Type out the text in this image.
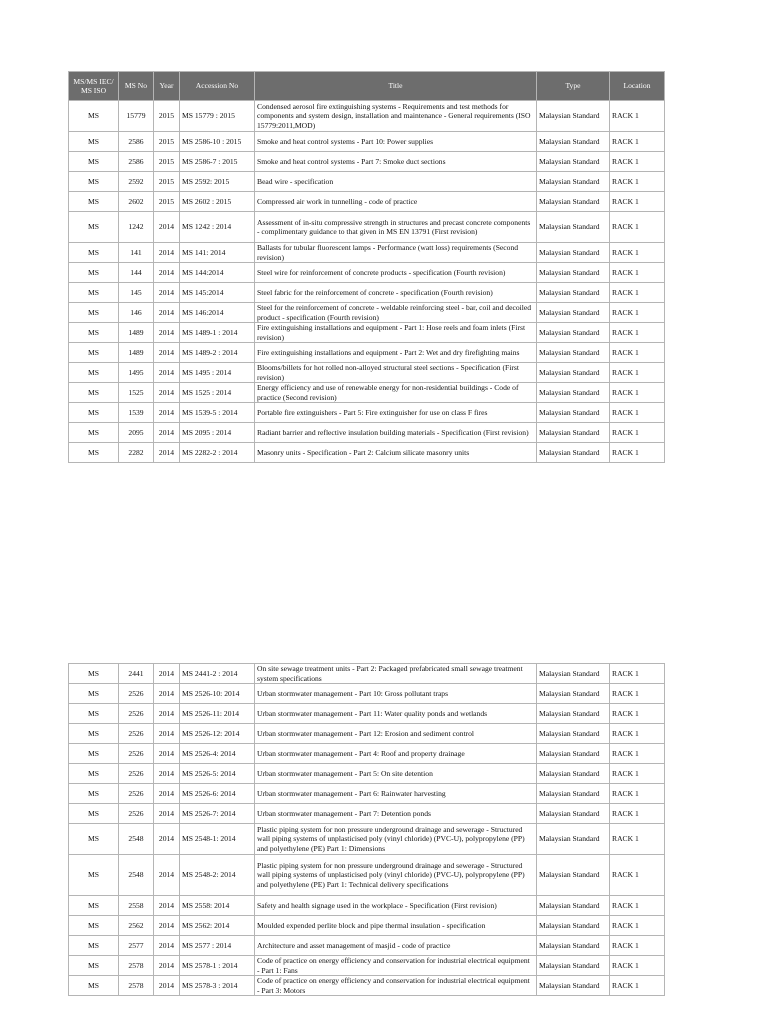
MS/MS IEC/ MS ISO	MS No	Year	Accession No	Title	Type	Location
MS	15779	2015	MS 15779 : 2015	Condensed aerosol fire extinguishing systems - Requirements and test methods for components and system design, installation and maintenance - General requirements (ISO 15779:2011,MOD)	Malaysian Standard	RACK 1
MS	2586	2015	MS 2586-10 : 2015	Smoke and heat control systems - Part 10: Power supplies	Malaysian Standard	RACK 1
MS	2586	2015	MS 2586-7 : 2015	Smoke and heat control systems - Part 7: Smoke duct sections	Malaysian Standard	RACK 1
MS	2592	2015	MS 2592: 2015	Bead wire - specification	Malaysian Standard	RACK 1
MS	2602	2015	MS 2602 : 2015	Compressed air work in tunnelling - code of practice	Malaysian Standard	RACK 1
MS	1242	2014	MS 1242 : 2014	Assessment of in-situ compressive strength in structures and precast concrete components - complimentary guidance to that given in MS EN 13791 (First revision)	Malaysian Standard	RACK 1
MS	141	2014	MS 141: 2014	Ballasts for tubular fluorescent lamps - Performance (watt loss) requirements (Second revision)	Malaysian Standard	RACK 1
MS	144	2014	MS 144:2014	Steel wire for reinforcement of concrete products - specification (Fourth revision)	Malaysian Standard	RACK 1
MS	145	2014	MS 145:2014	Steel fabric for the reinforcement of concrete - specification (Fourth revision)	Malaysian Standard	RACK 1
MS	146	2014	MS 146:2014	Steel for the reinforcement of concrete - weldable reinforcing steel - bar, coil and decoiled product - specification (Fourth revision)	Malaysian Standard	RACK 1
MS	1489	2014	MS 1489-1 : 2014	Fire extinguishing installations and equipment - Part 1: Hose reels and foam inlets (First revision)	Malaysian Standard	RACK 1
MS	1489	2014	MS 1489-2 : 2014	Fire extinguishing installations and equipment - Part 2: Wet and dry firefighting mains	Malaysian Standard	RACK 1
MS	1495	2014	MS 1495 : 2014	Blooms/billets for hot rolled non-alloyed structural steel sections - Specification (First revision)	Malaysian Standard	RACK 1
MS	1525	2014	MS 1525 : 2014	Energy efficiency and use of renewable energy for non-residential buildings - Code of practice (Second revision)	Malaysian Standard	RACK 1
MS	1539	2014	MS 1539-5 : 2014	Portable fire extinguishers - Part 5: Fire extinguisher for use on class F fires	Malaysian Standard	RACK 1
MS	2095	2014	MS 2095 : 2014	Radiant barrier and reflective insulation building materials - Specification (First revision)	Malaysian Standard	RACK 1
MS	2282	2014	MS 2282-2 : 2014	Masonry units - Specification - Part 2: Calcium silicate masonry units	Malaysian Standard	RACK 1
MS	2441	2014	MS 2441-2 : 2014	On site sewage treatment units - Part 2: Packaged prefabricated small sewage treatment system specifications	Malaysian Standard	RACK 1
MS	2526	2014	MS 2526-10: 2014	Urban stormwater management - Part 10: Gross pollutant traps	Malaysian Standard	RACK 1
MS	2526	2014	MS 2526-11: 2014	Urban stormwater management - Part 11: Water quality ponds and wetlands	Malaysian Standard	RACK 1
MS	2526	2014	MS 2526-12: 2014	Urban stormwater management - Part 12: Erosion and sediment control	Malaysian Standard	RACK 1
MS	2526	2014	MS 2526-4: 2014	Urban stormwater management - Part 4: Roof and property drainage	Malaysian Standard	RACK 1
MS	2526	2014	MS 2526-5: 2014	Urban stormwater management - Part 5: On site detention	Malaysian Standard	RACK 1
MS	2526	2014	MS 2526-6: 2014	Urban stormwater management - Part 6: Rainwater harvesting	Malaysian Standard	RACK 1
MS	2526	2014	MS 2526-7: 2014	Urban stormwater management - Part 7: Detention ponds	Malaysian Standard	RACK 1
MS	2548	2014	MS 2548-1: 2014	Plastic piping system for non pressure underground drainage and sewerage - Structured wall piping systems of unplasticised poly (vinyl chloride) (PVC-U), polypropylene (PP) and polyethylene (PE) Part 1: Dimensions	Malaysian Standard	RACK 1
MS	2548	2014	MS 2548-2: 2014	Plastic piping system for non pressure underground drainage and sewerage - Structured wall piping systems of unplasticised poly (vinyl chloride) (PVC-U), polypropylene (PP) and polyethylene (PE) Part 1: Technical delivery specifications	Malaysian Standard	RACK 1
MS	2558	2014	MS 2558: 2014	Safety and health signage used in the workplace - Specification (First revision)	Malaysian Standard	RACK 1
MS	2562	2014	MS 2562: 2014	Moulded expended perlite block and pipe thermal insulation - specification	Malaysian Standard	RACK 1
MS	2577	2014	MS 2577 : 2014	Architecture and asset management of masjid - code of practice	Malaysian Standard	RACK 1
MS	2578	2014	MS 2578-1 : 2014	Code of practice on energy efficiency and conservation for industrial electrical equipment - Part 1: Fans	Malaysian Standard	RACK 1
MS	2578	2014	MS 2578-3 : 2014	Code of practice on energy efficiency and conservation for industrial electrical equipment - Part 3: Motors	Malaysian Standard	RACK 1
